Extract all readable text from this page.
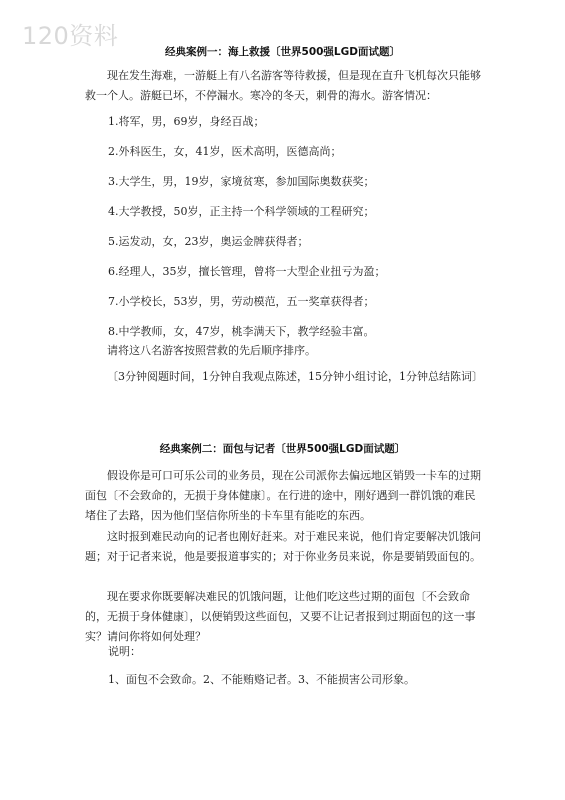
120资料
经典案例一：海上救援〔世界500强LGD面试题〕
现在发生海难，一游艇上有八名游客等待救援，但是现在直升飞机每次只能够救一个人。游艇已坏，不停漏水。寒冷的冬天，刺骨的海水。游客情况：
1.将军，男，69岁，身经百战；
2.外科医生，女，41岁，医术高明，医德高尚；
3.大学生，男，19岁，家境贫寒，参加国际奥数获奖；
4.大学教授，50岁，正主持一个科学领域的工程研究；
5.运发动，女，23岁，奥运金牌获得者；
6.经理人，35岁，擅长管理，曾将一大型企业扭亏为盈；
7.小学校长，53岁，男，劳动模范，五一奖章获得者；
8.中学教师，女，47岁，桃李满天下，教学经验丰富。
请将这八名游客按照营救的先后顺序排序。
〔3分钟阅题时间，1分钟自我观点陈述，15分钟小组讨论，1分钟总结陈词〕
经典案例二：面包与记者〔世界500强LGD面试题〕
假设你是可口可乐公司的业务员，现在公司派你去偏远地区销毁一卡车的过期面包〔不会致命的，无损于身体健康〕。在行进的途中，刚好遇到一群饥饿的难民堵住了去路，因为他们坚信你所坐的卡车里有能吃的东西。
这时报到难民动向的记者也刚好赶来。对于难民来说，他们肯定要解决饥饿问题；对于记者来说，他是要报道事实的；对于你业务员来说，你是要销毁面包的。
现在要求你既要解决难民的饥饿问题，让他们吃这些过期的面包〔不会致命的，无损于身体健康〕，以便销毁这些面包，又要不让记者报到过期面包的这一事实？请问你将如何处理？
说明：
1、面包不会致命。2、不能贿赂记者。3、不能损害公司形象。
